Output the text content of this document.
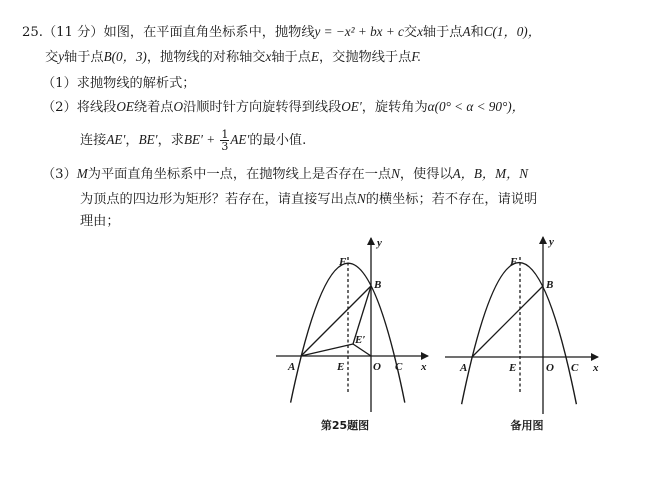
25.（11 分）如图，在平面直角坐标系中，抛物线y = −x² + bx + c交x轴于点A和C(1，0)，
交y轴于点B(0，3)，抛物线的对称轴交x轴于点E，交抛物线于点F.
（1）求抛物线的解析式；
（2）将线段OE绕着点O沿顺时针方向旋转得到线段OE′，旋转角为α(0° < α < 90°)，
连接AE′，BE′，求$BE' + \frac{1}{3} AE'$的最小值.
（3）M为平面直角坐标系中一点，在抛物线上是否存在一点N，使得以A，B，M，N
为顶点的四边形为矩形？若存在，请直接写出点N的横坐标；若不存在，请说明
理由；
F
B
E′
A	E	O C x
y
第25题图
F
B
A	E	O C x
y
备用图
